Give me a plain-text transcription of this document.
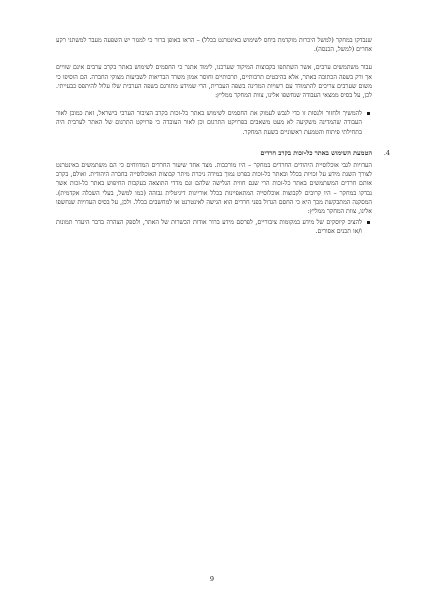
שנבדקו במחקר (למשל היכרות מוקדמת ביחס לשימוש באינטרנט בכלל) – הראו באופן ברור כי למגזר יש השפעה מעבר למשתני רקע אחרים (למשל, הכנסה).

עבור משתמשים ערבים, אשר השתתפו בקבוצות המיקוד שערכנו, לימוד אתגר כי החסמים לשימוש באתר בקרב ערבים אינם שוויים אך ורק בשפה הכתובה באתר, אלא בהיבטים תרבותיים, תרבותיים וחוסר אמון משרד הבריאות לשביעות מצוקי החברה. הם הוסיפו כי משום שערבים צריכים להתמודד עם רשויות המדינה בשפה העברית, הרי שמידע מתורגם בשפה הערבית שלו עלול להיתפס כבעייתי. לכן, על בסיס ממצאי העבודה שנחשפו אלינו, צוות המחקר ממליץ:

להמשיך ולחזור ולנסות זו כדי לגבש לעמוק את החסמים לשימוש באתר כל-זכות בקרב הציבור הערבי בישראל, זאת כמובן לאור העבודה שהמדינה משקיעה לא מעט משאבים בפרויקט התרגום וכן לאור העובדה כי פרויקט התרגום של האתר לערבית היה בתחילתי פיתוח והטמעת ראשוניים בשעת המחקר.
4.
הטמעת השימוש באתר כל-זכות בקרב חרדים

העדויות לגבי אוכלוסיית היהודים החרדים במחקר – היו מורכבות. מצד אחד שיעור החרדים המדווחים כי הם משתמשים באינטרנט לצורך השגת מידע על זכויות בכלל ובאתר כל-זכות בפרט נמוך במידה ניכרת מיתר קבוצות האוכלוסייה בחברה היהודית. ואולם, בקרב אותם חרדים המשתמשים באתר כל-זכות הרי שגם חווית הגלישה שלהם וגם מדדי התוצאה בעקבות החיפוש באתר כל-זכות אשר נבדקו במחקר – היו קרובים לקבוצות אוכלוסייה המתאפיינות בכלל אוריינות דיגיטלית גבוהה (כמו למשל, בעלי השכלה אקדמית). המסקנה המתבקשת מכך היא כי החסם הגדול בפני חרדים הוא הגישה לאינטרנט או למחשבים בכלל. ולכן, על בסיס העדויות שנחשפו אלינו, צוות המחקר ממליץ:

להציב קיוסקים של מידע במקומות ציבוריים, לפרסם מידע ברור אודות הכשרות של האתר, ולספק הצהרה בדבר היעדר תמונות ו/או תכנים אסורים.
9
